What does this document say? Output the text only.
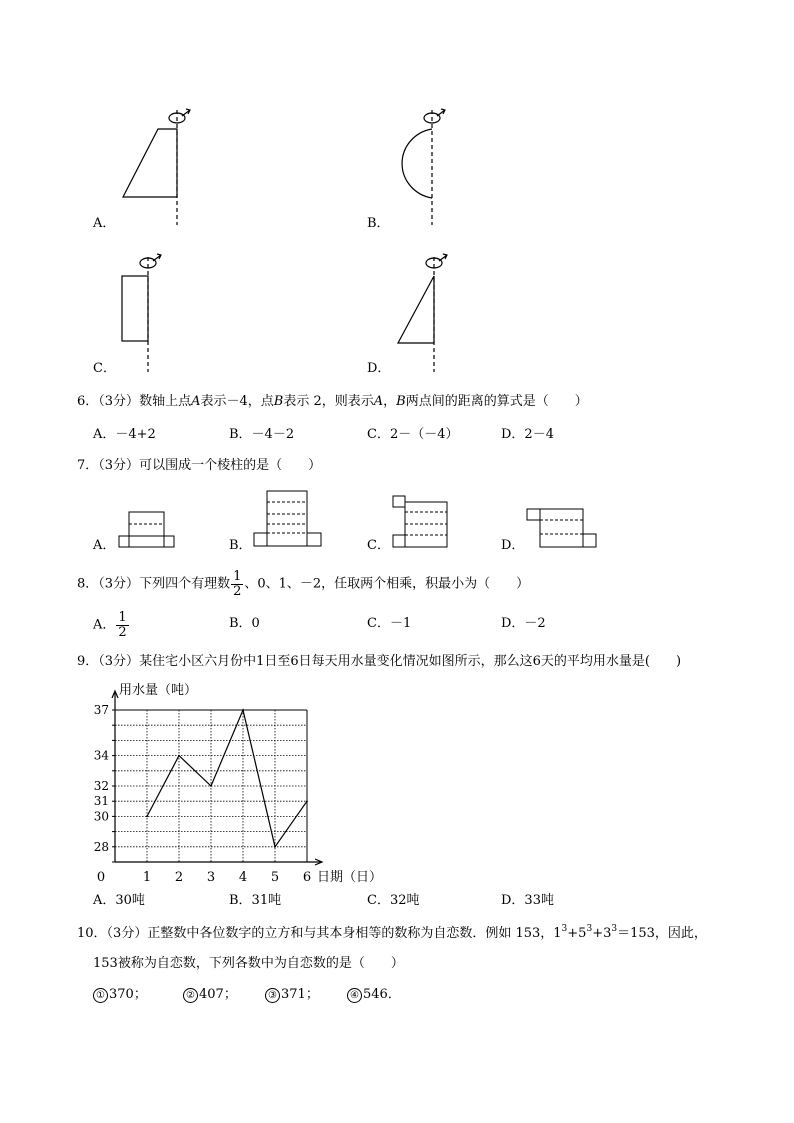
A．	B．
C．	D．
6．（3分）数轴上点A表示－4，点B表示 2，则表示A，B两点间的距离的算式是（　　）
A．－4+2	B．－4－2	C．2－（－4）	D．2－4
7．（3分）可以围成一个棱柱的是（　　）
A．	B．	C．	D．
8．（3分）下列四个有理数 $\frac{1}{2}$ 、0、1、－2，任取两个相乘，积最小为（　　）
A． $\frac{1}{2}$	B．0	C．－1	D．－2
9．（3分）某住宅小区六月份中1日至6日每天用水量变化情况如图所示，那么这6天的平均用水量是(　　)
用水量（吨）
日期（日）
0	1 2 3 4 5 6
28
30
31
32
34
37
A．30吨	B．31吨	C．32吨	D．33吨
10．（3分）正整数中各位数字的立方和与其本身相等的数称为自恋数．例如 153，$1^3+5^3+3^3=153$，因此，
153被称为自恋数，下列各数中为自恋数的是（　　）
① 370；	② 407；	③ 371；	④ 546．
